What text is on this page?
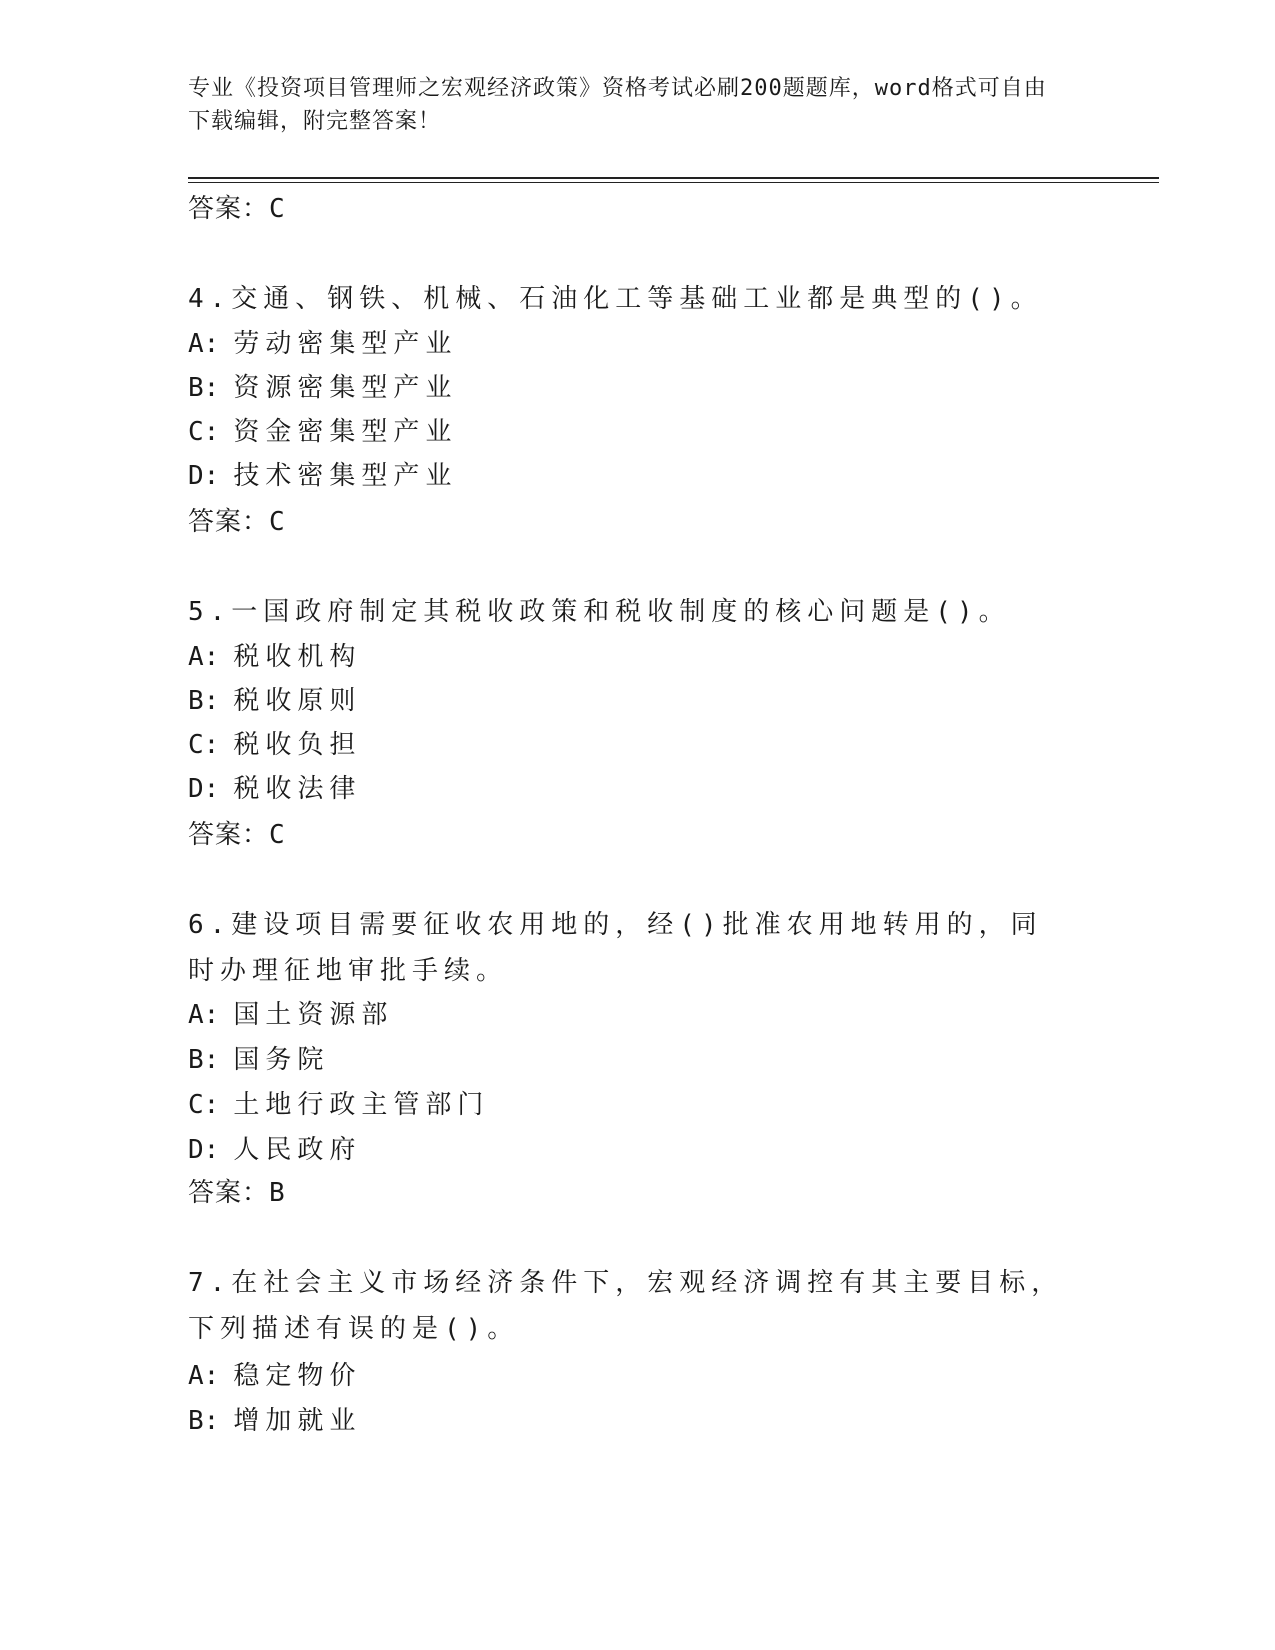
专业《投资项目管理师之宏观经济政策》资格考试必刷200题题库，word格式可自由下载编辑，附完整答案！
答案：C
4.交通、钢铁、机械、石油化工等基础工业都是典型的()。
A: 劳动密集型产业
B: 资源密集型产业
C: 资金密集型产业
D: 技术密集型产业
答案：C
5.一国政府制定其税收政策和税收制度的核心问题是()。
A: 税收机构
B: 税收原则
C: 税收负担
D: 税收法律
答案：C
6.建设项目需要征收农用地的，经()批准农用地转用的，同时办理征地审批手续。
A: 国土资源部
B: 国务院
C: 土地行政主管部门
D: 人民政府
答案：B
7.在社会主义市场经济条件下，宏观经济调控有其主要目标，下列描述有误的是()。
A: 稳定物价
B: 增加就业
